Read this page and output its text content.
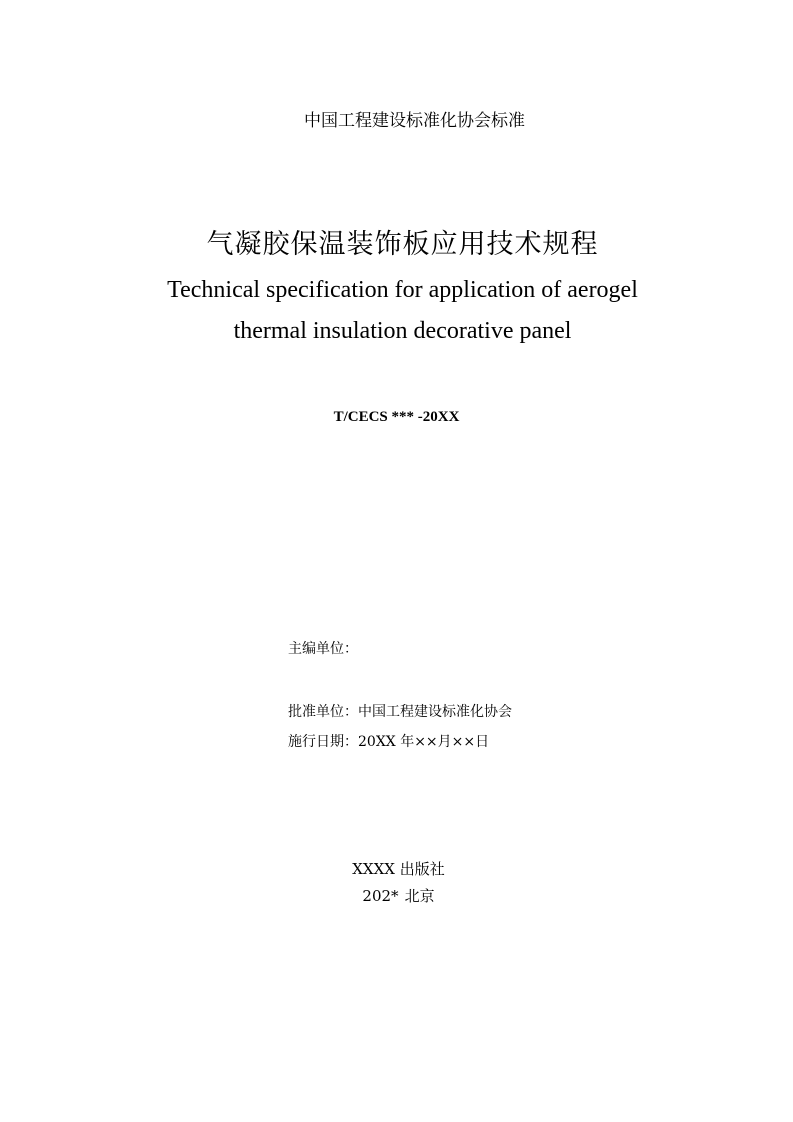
中国工程建设标准化协会标准

气凝胶保温装饰板应用技术规程

Technical specification for application of aerogel

thermal insulation decorative panel

T/CECS *** -20XX

主编单位：

批准单位：中国工程建设标准化协会

施行日期：20XX 年××月××日

XXXX 出版社

202* 北京
